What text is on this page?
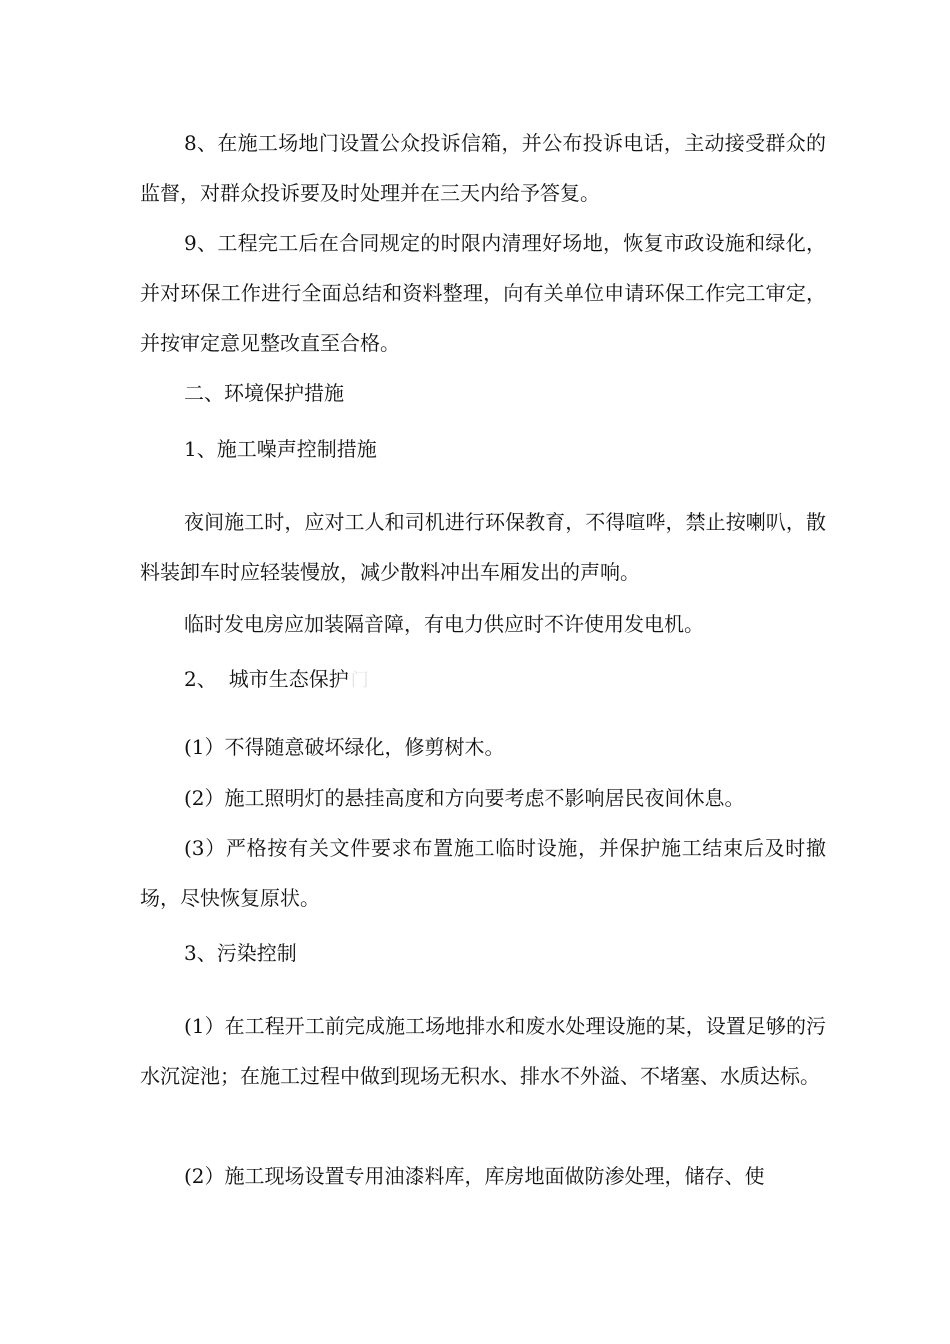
8、在施工场地门设置公众投诉信箱，并公布投诉电话，主动接受群众的监督，对群众投诉要及时处理并在三天内给予答复。

9、工程完工后在合同规定的时限内清理好场地，恢复市政设施和绿化，并对环保工作进行全面总结和资料整理，向有关单位申请环保工作完工审定，并按审定意见整改直至合格。

二、环境保护措施

1、施工噪声控制措施

夜间施工时，应对工人和司机进行环保教育，不得喧哗，禁止按喇叭，散料装卸车时应轻装慢放，减少散料冲出车厢发出的声响。

临时发电房应加装隔音障，有电力供应时不许使用发电机。

2、 城市生态保护 门

(1）不得随意破坏绿化，修剪树木。

(2）施工照明灯的悬挂高度和方向要考虑不影响居民夜间休息。

(3）严格按有关文件要求布置施工临时设施，并保护施工结束后及时撤场，尽快恢复原状。

3、污染控制

(1）在工程开工前完成施工场地排水和废水处理设施的某，设置足够的污水沉淀池；在施工过程中做到现场无积水、排水不外溢、不堵塞、水质达标。

(2）施工现场设置专用油漆料库，库房地面做防渗处理，储存、使
